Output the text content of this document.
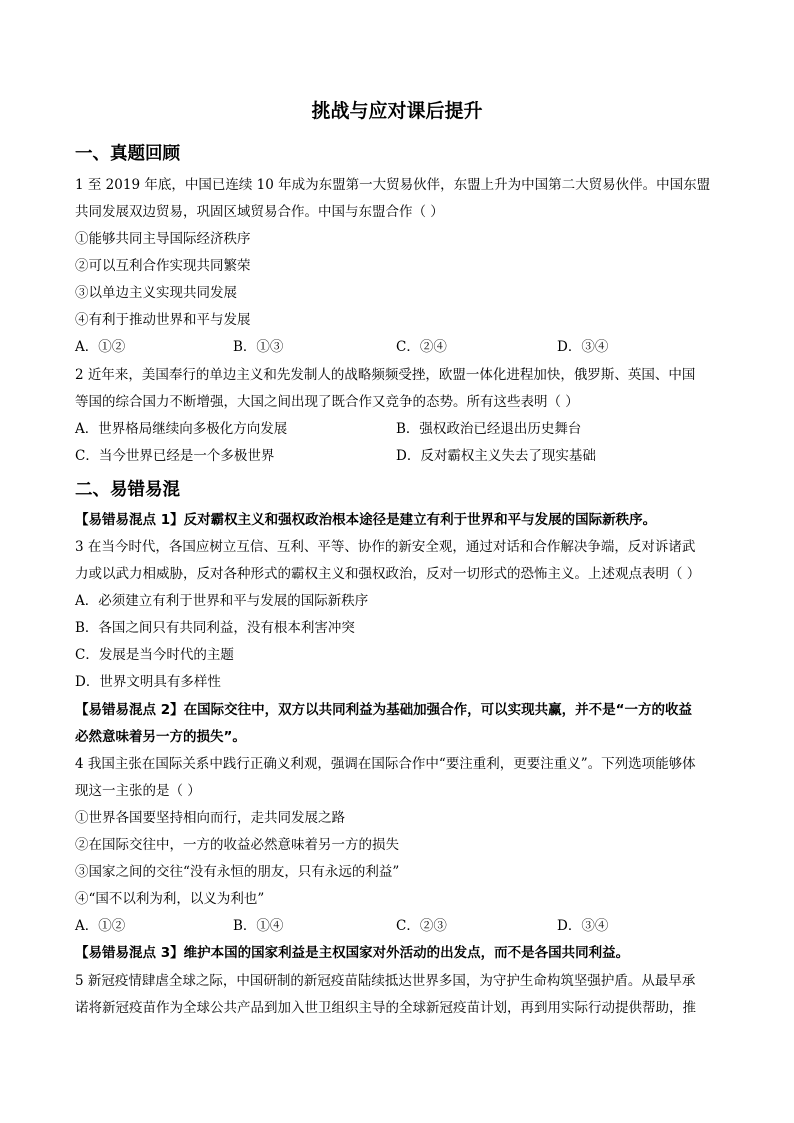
挑战与应对课后提升
一、真题回顾
1 至 2019 年底，中国已连续 10 年成为东盟第一大贸易伙伴，东盟上升为中国第二大贸易伙伴。中国东盟
共同发展双边贸易，巩固区域贸易合作。中国与东盟合作（ ）
①能够共同主导国际经济秩序
②可以互利合作实现共同繁荣
③以单边主义实现共同发展
④有利于推动世界和平与发展
A．①②	B．①③	C．②④	D．③④
2 近年来，美国奉行的单边主义和先发制人的战略频频受挫，欧盟一体化进程加快，俄罗斯、英国、中国
等国的综合国力不断增强，大国之间出现了既合作又竞争的态势。所有这些表明（ ）
A．世界格局继续向多极化方向发展	B．强权政治已经退出历史舞台
C．当今世界已经是一个多极世界	D．反对霸权主义失去了现实基础
二、易错易混
【易错易混点 1】反对霸权主义和强权政治根本途径是建立有利于世界和平与发展的国际新秩序。
3 在当今时代，各国应树立互信、互利、平等、协作的新安全观，通过对话和合作解决争端，反对诉诸武
力或以武力相威胁，反对各种形式的霸权主义和强权政治，反对一切形式的恐怖主义。上述观点表明（ ）
A．必须建立有利于世界和平与发展的国际新秩序
B．各国之间只有共同利益，没有根本利害冲突
C．发展是当今时代的主题
D．世界文明具有多样性
【易错易混点 2】在国际交往中，双方以共同利益为基础加强合作，可以实现共赢，并不是“一方的收益
必然意味着另一方的损失”。
4 我国主张在国际关系中践行正确义利观，强调在国际合作中“要注重利，更要注重义”。下列选项能够体
现这一主张的是（ ）
①世界各国要坚持相向而行，走共同发展之路
②在国际交往中，一方的收益必然意味着另一方的损失
③国家之间的交往“没有永恒的朋友，只有永远的利益”
④“国不以利为利，以义为利也”
A．①②	B．①④	C．②③	D．③④
【易错易混点 3】维护本国的国家利益是主权国家对外活动的出发点，而不是各国共同利益。
5 新冠疫情肆虐全球之际，中国研制的新冠疫苗陆续抵达世界多国，为守护生命构筑坚强护盾。从最早承
诺将新冠疫苗作为全球公共产品到加入世卫组织主导的全球新冠疫苗计划，再到用实际行动提供帮助，推
